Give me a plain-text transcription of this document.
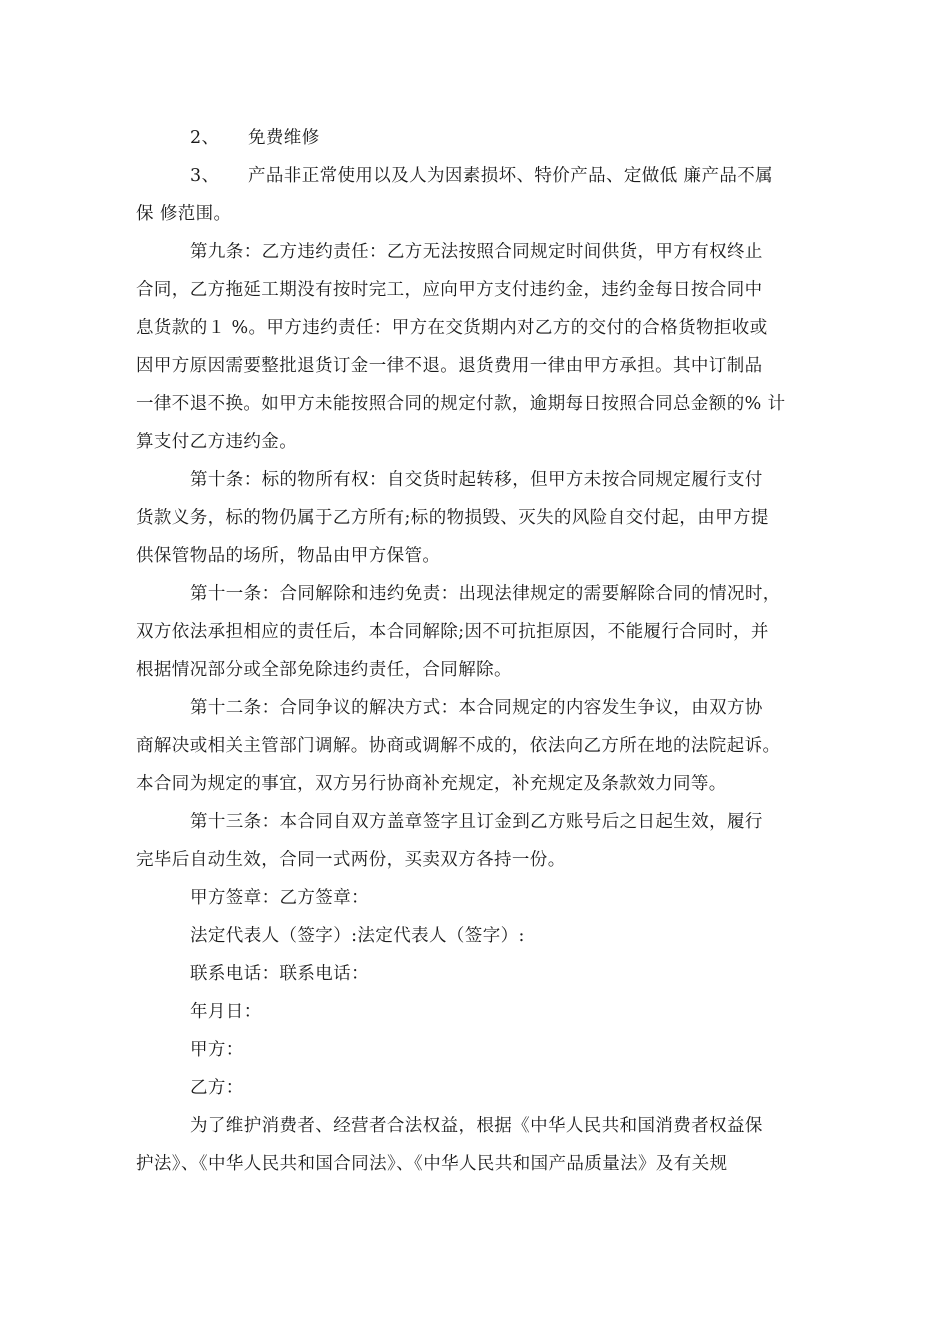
2、 免费维修
3、 产品非正常使用以及人为因素损坏、特价产品、定做低 廉产品不属
保 修范围。
第九条：乙方违约责任：乙方无法按照合同规定时间供货，甲方有权终止
合同，乙方拖延工期没有按时完工，应向甲方支付违约金，违约金每日按合同中
息货款的１ %。甲方违约责任：甲方在交货期内对乙方的交付的合格货物拒收或
因甲方原因需要整批退货订金一律不退。退货费用一律由甲方承担。其中订制品
一律不退不换。如甲方未能按照合同的规定付款，逾期每日按照合同总金额的% 计
算支付乙方违约金。
第十条：标的物所有权：自交货时起转移，但甲方未按合同规定履行支付
货款义务，标的物仍属于乙方所有;标的物损毁、灭失的风险自交付起，由甲方提
供保管物品的场所，物品由甲方保管。
第十一条：合同解除和违约免责：出现法律规定的需要解除合同的情况时，
双方依法承担相应的责任后，本合同解除;因不可抗拒原因，不能履行合同时，并
根据情况部分或全部免除违约责任，合同解除。
第十二条：合同争议的解决方式：本合同规定的内容发生争议，由双方协
商解决或相关主管部门调解。协商或调解不成的，依法向乙方所在地的法院起诉。
本合同为规定的事宜，双方另行协商补充规定，补充规定及条款效力同等。
第十三条：本合同自双方盖章签字且订金到乙方账号后之日起生效，履行
完毕后自动生效，合同一式两份，买卖双方各持一份。
甲方签章：乙方签章：
法定代表人（签字）:法定代表人（签字）:
联系电话：联系电话：
年月日：
甲方：
乙方：
为了维护消费者、经营者合法权益，根据《中华人民共和国消费者权益保
护法》、《中华人民共和国合同法》、《中华人民共和国产品质量法》及有关规
